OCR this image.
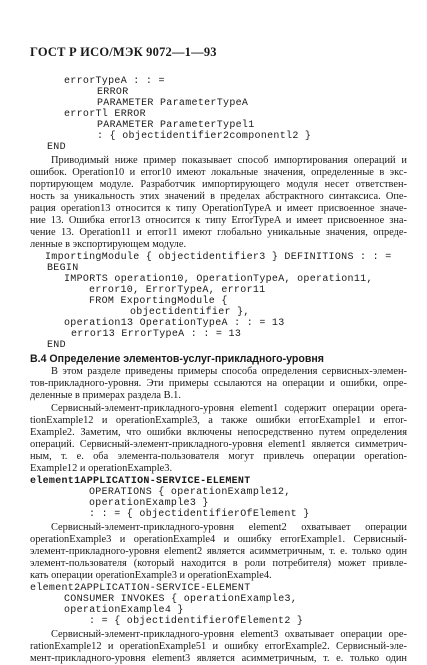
ГОСТ Р ИСО/МЭК 9072—1—93
errorTypeA : : =
ERROR
PARAMETER ParameterTypeA
errorTl ERROR
PARAMETER ParameterTypel1
: { objectidentifier2componentl2 }
END
Приводимый ниже пример показывает способ импортирования операций и
ошибок. Operation10 и error10 имеют локальные значения, определенные в экс-
портирующем модуле. Разработчик импортирующего модуля несет ответствен-
ность за уникальность этих значений в пределах абстрактного синтаксиса. Опе-
рация operation13 относится к типу OperationTypeA и имеет присвоенное значе-
ние 13. Ошибка error13 относится к типу ErrorTypeA и имеет присвоенное зна-
чение 13. Operation11 и error11 имеют глобально уникальные значения, опреде-
ленные в экспортирующем модуле.
ImportingModule { objectidentifier3 } DEFINITIONS : : =
BEGIN
IMPORTS operation10, OperationTypeA, operation11,
error10, ErrorTypeA, error11
FROM ExportingModule {
objectidentifier },
operation13 OperationTypeA : : = 13
error13 ErrorTypeA : : = 13
END
В.4 Определение элементов-услуг-прикладного-уровня
В этом разделе приведены примеры способа определения сервисных-элемен-
тов-прикладного-уровня. Эти примеры ссылаются на операции и ошибки, опре-
деленные в примерах раздела В.1.
Сервисный-элемент-прикладного-уровня element1 содержит операции opera-
tionExample12 и operationExample3, а также ошибки errorExample1 и error-
Example2. Заметим, что ошибки включены непосредственно путем определения
операций. Сервисный-элемент-прикладного-уровня element1 является симметрич-
ным, т. е. оба элемента-пользователя могут привлечь операции operation-
Example12 и operationExample3.
element1APPLICATION-SERVICE-ELEMENT
OPERATIONS { operationExample12,
operationExample3 }
: : = { objectidentifierOfElement }
Сервисный-элемент-прикладного-уровня element2 охватывает операции
operationExample3 и operationExample4 и ошибку errorExample1. Сервисный-
элемент-прикладного-уровня element2 является асимметричным, т. е. только один
элемент-пользователя (который находится в роли потребителя) может привле-
кать операции operationExample3 и operationExample4.
element2APPLICATION-SERVICE-ELEMENT
CONSUMER INVOKES { operationExample3,
operationExample4 }
: = { objectidentifierOfElement2 }
Сервисный-элемент-прикладного-уровня element3 охватывает операции ope-
rationExample12 и operationExample51 и ошибку errorExample2. Сервисный-эле-
мент-прикладного-уровня element3 является асимметричным, т. е. только один
